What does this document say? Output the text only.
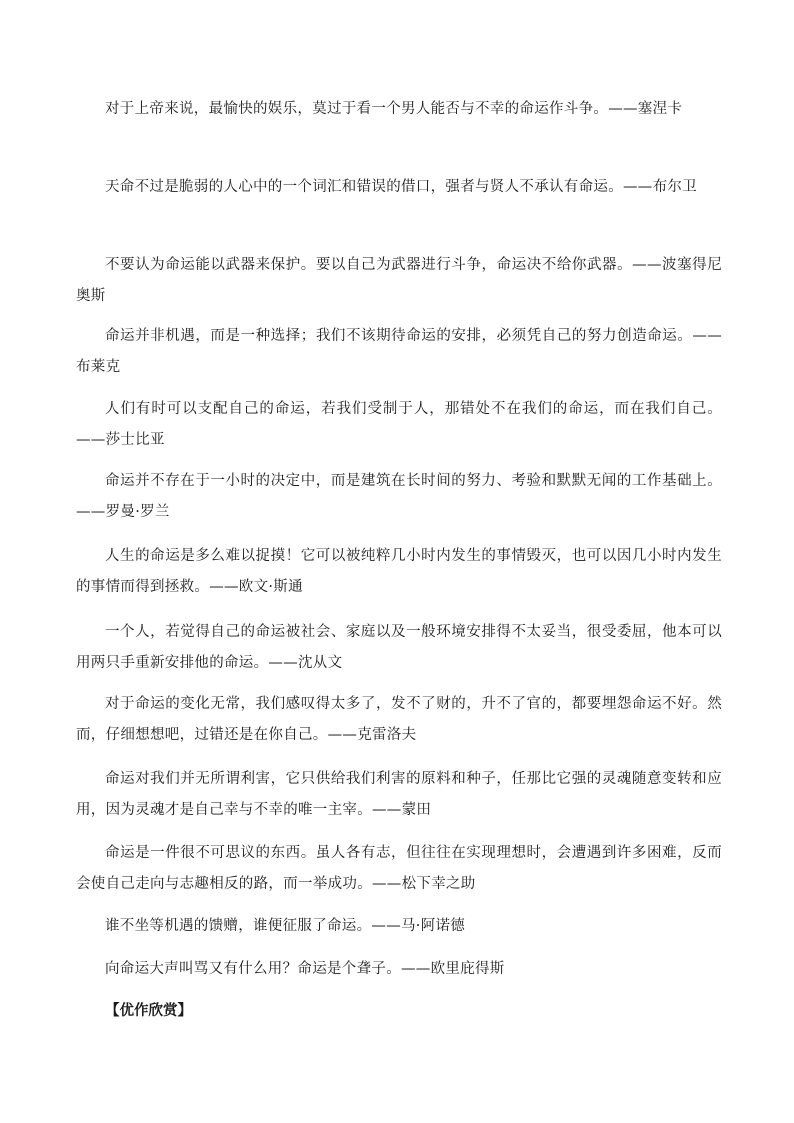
对于上帝来说，最愉快的娱乐，莫过于看一个男人能否与不幸的命运作斗争。——塞涅卡

天命不过是脆弱的人心中的一个词汇和错误的借口，强者与贤人不承认有命运。——布尔卫

不要认为命运能以武器来保护。要以自己为武器进行斗争，命运决不给你武器。——波塞得尼奥斯

命运并非机遇，而是一种选择；我们不该期待命运的安排，必须凭自己的努力创造命运。——布莱克

人们有时可以支配自己的命运，若我们受制于人，那错处不在我们的命运，而在我们自己。——莎士比亚

命运并不存在于一小时的决定中，而是建筑在长时间的努力、考验和默默无闻的工作基础上。——罗曼·罗兰

人生的命运是多么难以捉摸！它可以被纯粹几小时内发生的事情毁灭，也可以因几小时内发生的事情而得到拯救。——欧文·斯通

一个人，若觉得自己的命运被社会、家庭以及一般环境安排得不太妥当，很受委屈，他本可以用两只手重新安排他的命运。——沈从文

对于命运的变化无常，我们感叹得太多了，发不了财的，升不了官的，都要埋怨命运不好。然而，仔细想想吧，过错还是在你自己。——克雷洛夫

命运对我们并无所谓利害，它只供给我们利害的原料和种子，任那比它强的灵魂随意变转和应用，因为灵魂才是自己幸与不幸的唯一主宰。——蒙田

命运是一件很不可思议的东西。虽人各有志，但往往在实现理想时，会遭遇到许多困难，反而会使自己走向与志趣相反的路，而一举成功。——松下幸之助

谁不坐等机遇的馈赠，谁便征服了命运。——马·阿诺德

向命运大声叫骂又有什么用？命运是个聋子。——欧里庇得斯

【优作欣赏】
